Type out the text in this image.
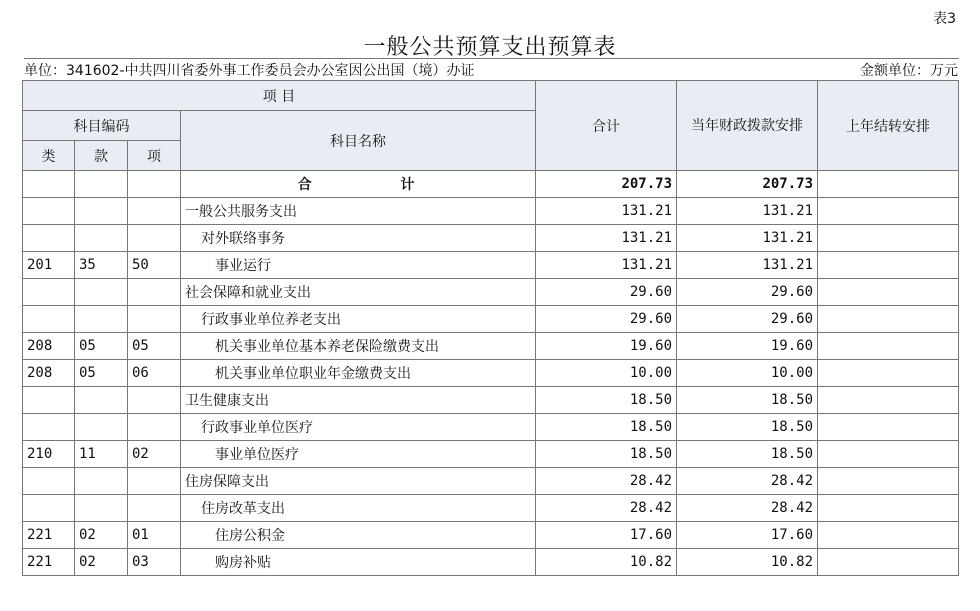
表3
一般公共预算支出预算表
单位：341602-中共四川省委外事工作委员会办公室因公出国（境）办证	金额单位：万元
项 目				合计	当年财政拨款安排	上年结转安排
科目编码			科目名称			
类	款	项				
			合 计	207.73	207.73	
			一般公共服务支出	131.21	131.21	
			对外联络事务	131.21	131.21	
201	35	50	事业运行	131.21	131.21	
			社会保障和就业支出	29.60	29.60	
			行政事业单位养老支出	29.60	29.60	
208	05	05	机关事业单位基本养老保险缴费支出	19.60	19.60	
208	05	06	机关事业单位职业年金缴费支出	10.00	10.00	
			卫生健康支出	18.50	18.50	
			行政事业单位医疗	18.50	18.50	
210	11	02	事业单位医疗	18.50	18.50	
			住房保障支出	28.42	28.42	
			住房改革支出	28.42	28.42	
221	02	01	住房公积金	17.60	17.60	
221	02	03	购房补贴	10.82	10.82	
